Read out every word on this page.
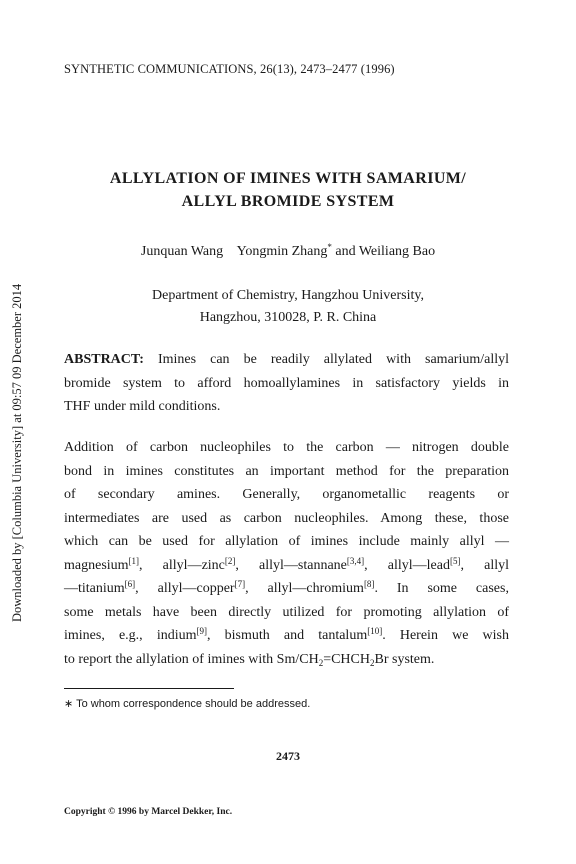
Downloaded by [Columbia University] at 09:57 09 December 2014
SYNTHETIC COMMUNICATIONS, 26(13), 2473–2477 (1996)
ALLYLATION OF IMINES WITH SAMARIUM/
ALLYL BROMIDE SYSTEM
Junquan Wang Yongmin Zhang* and Weiliang Bao
Department of Chemistry, Hangzhou University,
Hangzhou, 310028, P. R. China
ABSTRACT: Imines can be readily allylated with samarium/allyl
bromide system to afford homoallylamines in satisfactory yields in
THF under mild conditions.
Addition of carbon nucleophiles to the carbon — nitrogen double
bond in imines constitutes an important method for the preparation
of secondary amines. Generally, organometallic reagents or
intermediates are used as carbon nucleophiles. Among these, those
which can be used for allylation of imines include mainly allyl —
magnesium[1], allyl—zinc[2], allyl—stannane[3,4], allyl—lead[5], allyl
—titanium[6], allyl—copper[7], allyl—chromium[8]. In some cases,
some metals have been directly utilized for promoting allylation of
imines, e.g., indium[9], bismuth and tantalum[10]. Herein we wish
to report the allylation of imines with $Sm/CH_2=CHCH_2Br$ system.
∗ To whom correspondence should be addressed.
2473
Copyright © 1996 by Marcel Dekker, Inc.
